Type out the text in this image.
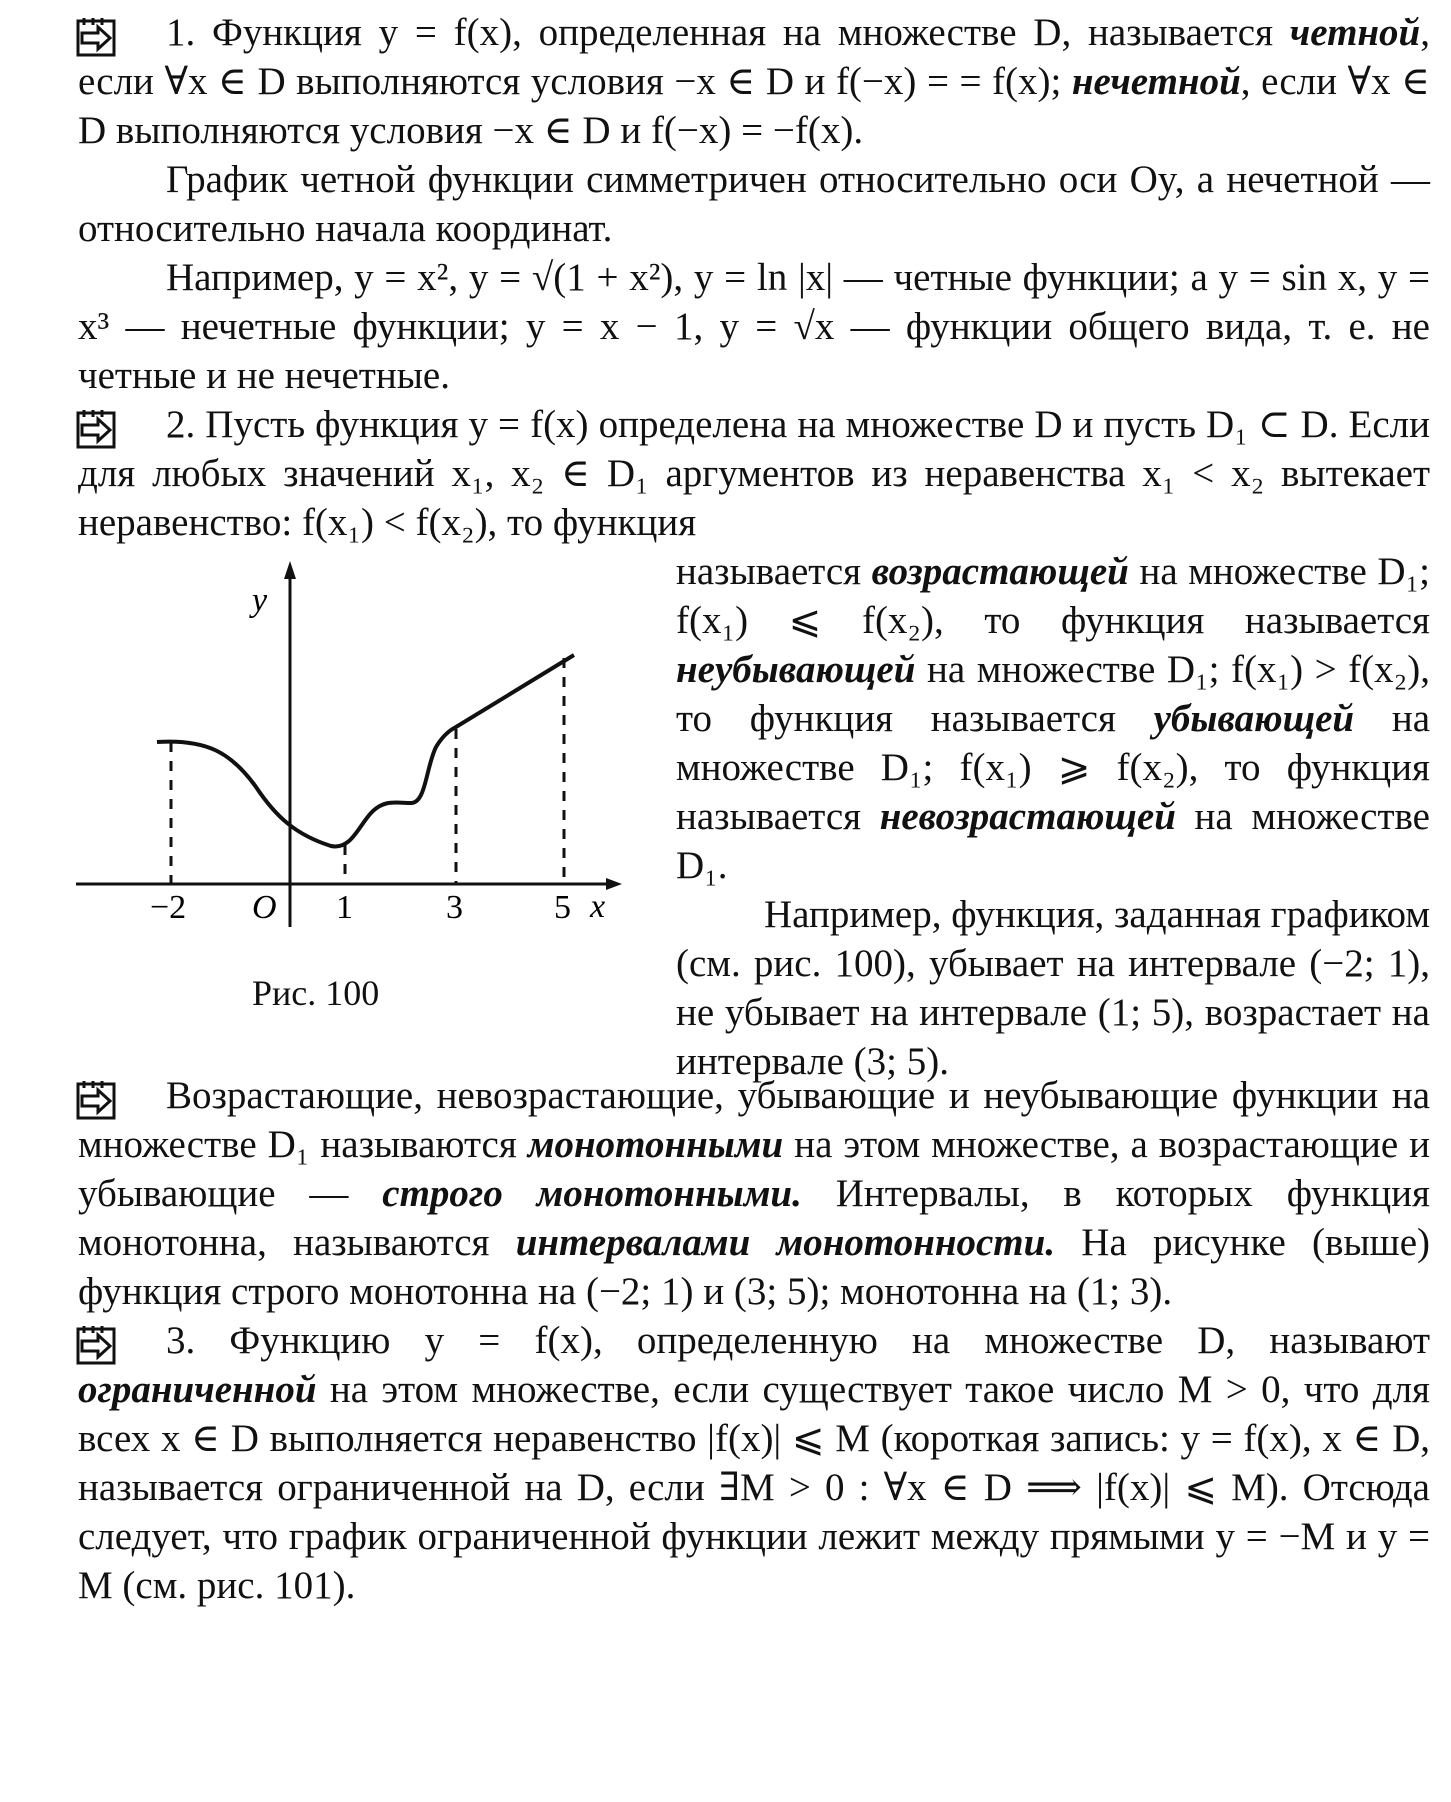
1. Функция y = f(x), определенная на множестве D, называется четной, если ∀x ∈ D выполняются условия −x ∈ D и f(−x) = = f(x); нечетной, если ∀x ∈ D выполняются условия −x ∈ D и f(−x) = −f(x).

График четной функции симметричен относительно оси Oy, а нечетной — относительно начала координат.

Например, y = x², y = √(1 + x²), y = ln |x| — четные функции; а y = sin x, y = x³ — нечетные функции; y = x − 1, y = √x — функции общего вида, т. е. не четные и не нечетные.

2. Пусть функция y = f(x) определена на множестве D и пусть D₁ ⊂ D. Если для любых значений x₁, x₂ ∈ D₁ аргументов из неравенства x₁ < x₂ вытекает неравенство: f(x₁) < f(x₂), то функция

y
x
O
−2	1	3	5
Рис. 100

называется возрастающей на множестве D₁; f(x₁) ⩽ f(x₂), то функция называется неубывающей на множестве D₁; f(x₁) > f(x₂), то функция называется убывающей на множестве D₁; f(x₁) ⩾ f(x₂), то функция называется невозрастающей на множестве D₁.

Например, функция, заданная графиком (см. рис. 100), убывает на интервале (−2; 1), не убывает на интервале (1; 5), возрастает на интервале (3; 5).

Возрастающие, невозрастающие, убывающие и неубывающие функции на множестве D₁ называются монотонными на этом множестве, а возрастающие и убывающие — строго монотонными. Интервалы, в которых функция монотонна, называются интервалами монотонности. На рисунке (выше) функция строго монотонна на (−2; 1) и (3; 5); монотонна на (1; 3).

3. Функцию y = f(x), определенную на множестве D, называют ограниченной на этом множестве, если существует такое число M > 0, что для всех x ∈ D выполняется неравенство |f(x)| ⩽ M (короткая запись: y = f(x), x ∈ D, называется ограниченной на D, если ∃M > 0 : ∀x ∈ D ⟹ |f(x)| ⩽ M). Отсюда следует, что график ограниченной функции лежит между прямыми y = −M и y = M (см. рис. 101).
